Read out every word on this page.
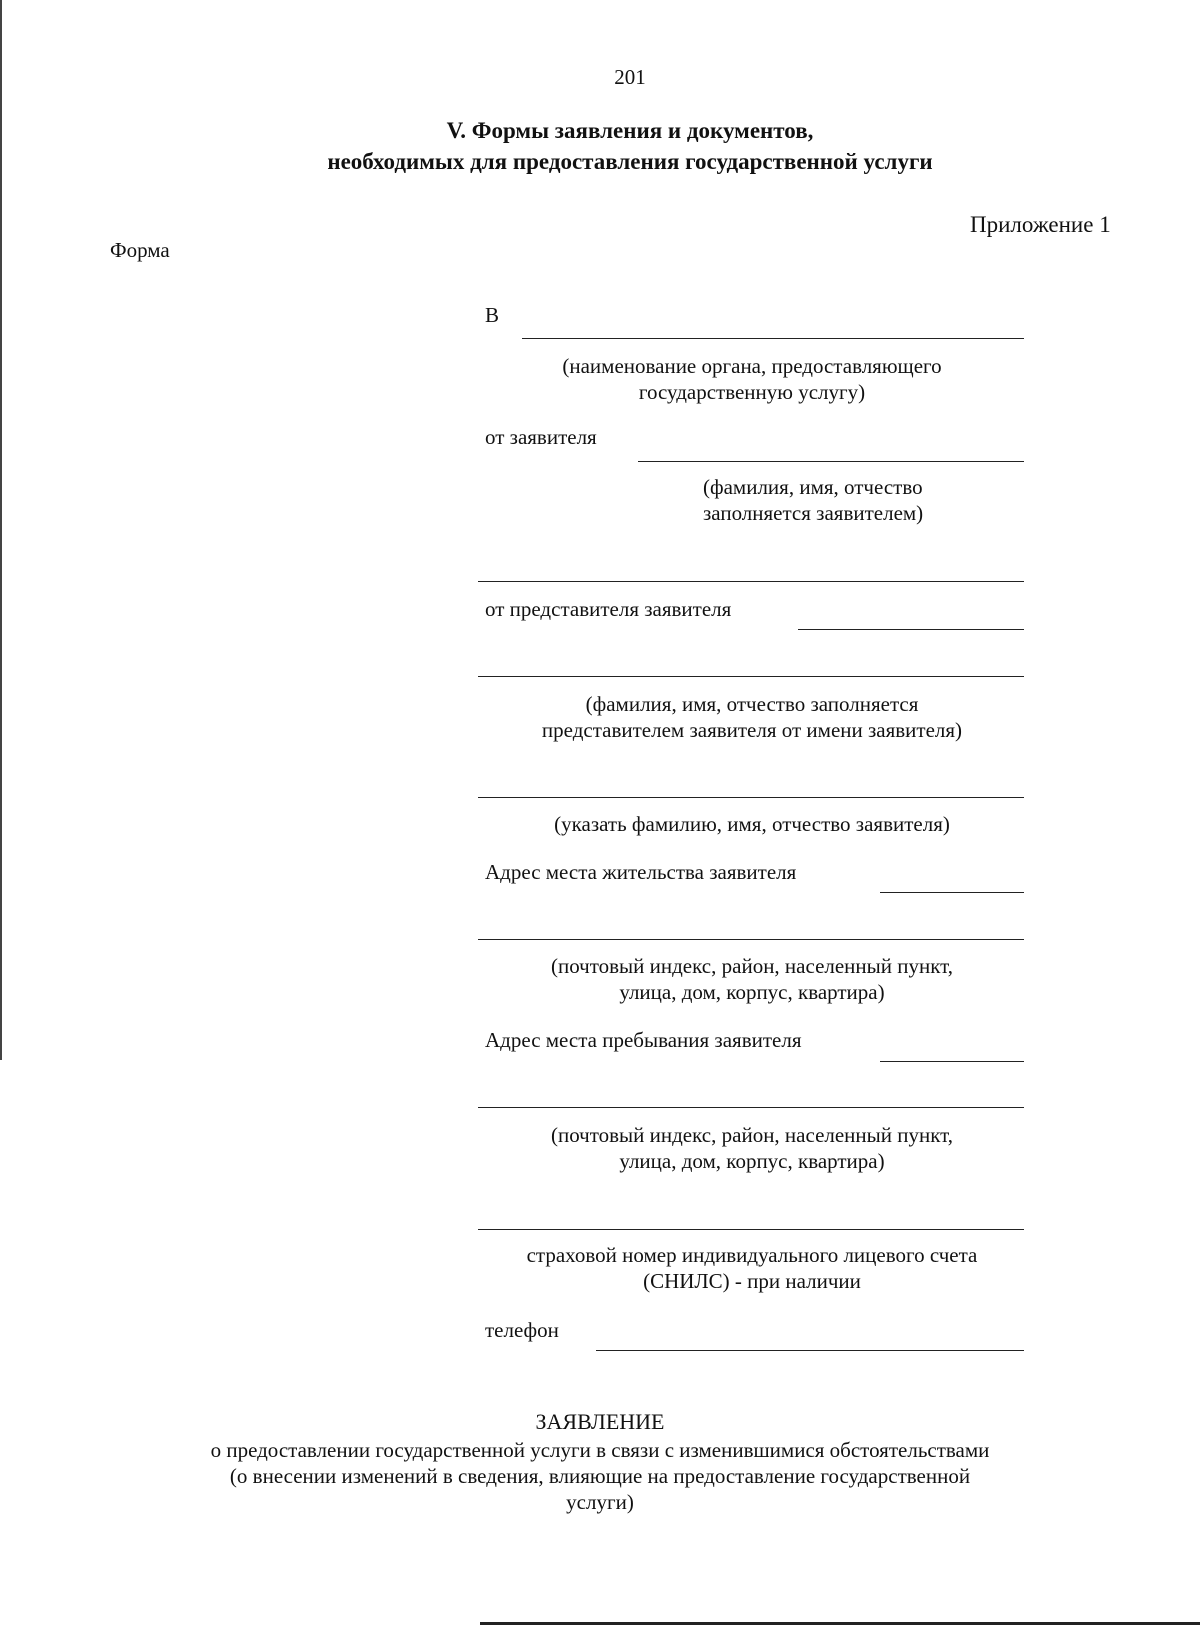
201
V. Формы заявления и документов,
необходимых для предоставления государственной услуги
Приложение 1
Форма
В
(наименование органа, предоставляющего
государственную услугу)
от заявителя
(фамилия, имя, отчество
заполняется заявителем)
от представителя заявителя
(фамилия, имя, отчество заполняется
представителем заявителя от имени заявителя)
(указать фамилию, имя, отчество заявителя)
Адрес места жительства заявителя
(почтовый индекс, район, населенный пункт,
улица, дом, корпус, квартира)
Адрес места пребывания заявителя
(почтовый индекс, район, населенный пункт,
улица, дом, корпус, квартира)
страховой номер индивидуального лицевого счета
(СНИЛС) - при наличии
телефон
ЗАЯВЛЕНИЕ
о предоставлении государственной услуги в связи с изменившимися обстоятельствами
(о внесении изменений в сведения, влияющие на предоставление государственной
услуги)
